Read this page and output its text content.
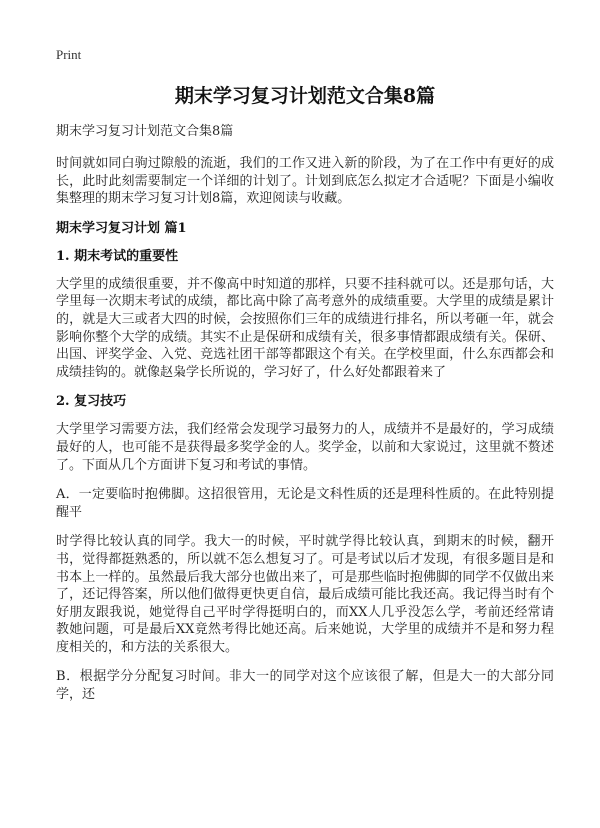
Print
期末学习复习计划范文合集8篇
期末学习复习计划范文合集8篇

时间就如同白驹过隙般的流逝，我们的工作又进入新的阶段，为了在工作中有更好的成长，此时此刻需要制定一个详细的计划了。计划到底怎么拟定才合适呢？下面是小编收集整理的期末学习复习计划8篇，欢迎阅读与收藏。

期末学习复习计划 篇1
1. 期末考试的重要性

大学里的成绩很重要，并不像高中时知道的那样，只要不挂科就可以。还是那句话，大学里每一次期末考试的成绩，都比高中除了高考意外的成绩重要。大学里的成绩是累计的，就是大三或者大四的时候，会按照你们三年的成绩进行排名，所以考砸一年，就会影响你整个大学的成绩。其实不止是保研和成绩有关，很多事情都跟成绩有关。保研、出国、评奖学金、入党、竞选社团干部等都跟这个有关。在学校里面，什么东西都会和成绩挂钩的。就像赵枭学长所说的，学习好了，什么好处都跟着来了

2. 复习技巧

大学里学习需要方法，我们经常会发现学习最努力的人，成绩并不是最好的，学习成绩最好的人，也可能不是获得最多奖学金的人。奖学金，以前和大家说过，这里就不赘述了。下面从几个方面讲下复习和考试的事情。

A．一定要临时抱佛脚。这招很管用，无论是文科性质的还是理科性质的。在此特别提醒平

时学得比较认真的同学。我大一的时候，平时就学得比较认真，到期末的时候，翻开书，觉得都挺熟悉的，所以就不怎么想复习了。可是考试以后才发现，有很多题目是和书本上一样的。虽然最后我大部分也做出来了，可是那些临时抱佛脚的同学不仅做出来了，还记得答案，所以他们做得更快更自信，最后成绩可能比我还高。我记得当时有个好朋友跟我说，她觉得自己平时学得挺明白的，而XX人几乎没怎么学，考前还经常请教她问题，可是最后XX竟然考得比她还高。后来她说，大学里的成绩并不是和努力程度相关的，和方法的关系很大。

B．根据学分分配复习时间。非大一的同学对这个应该很了解，但是大一的大部分同学，还
